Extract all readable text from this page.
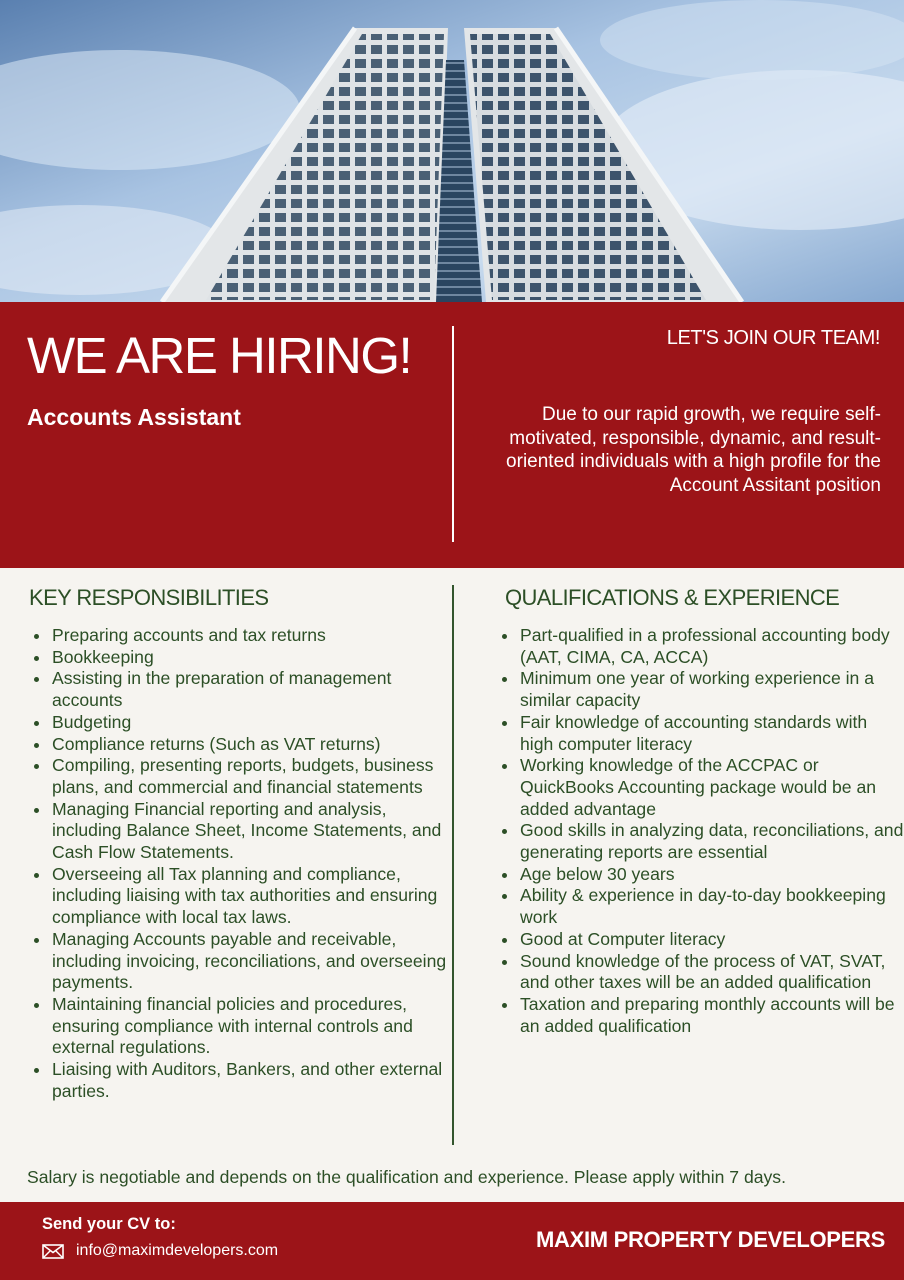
WE ARE HIRING!
Accounts Assistant

LET'S JOIN OUR TEAM!

Due to our rapid growth, we require self-motivated, responsible, dynamic, and result-oriented individuals with a high profile for the Account Assitant position

KEY RESPONSIBILITIES	QUALIFICATIONS & EXPERIENCE
• Preparing accounts and tax returns
• Bookkeeping
• Assisting in the preparation of management accounts
• Budgeting
• Compliance returns (Such as VAT returns)
• Compiling, presenting reports, budgets, business plans, and commercial and financial statements
• Managing Financial reporting and analysis, including Balance Sheet, Income Statements, and Cash Flow Statements.
• Overseeing all Tax planning and compliance, including liaising with tax authorities and ensuring compliance with local tax laws.
• Managing Accounts payable and receivable, including invoicing, reconciliations, and overseeing payments.
• Maintaining financial policies and procedures, ensuring compliance with internal controls and external regulations.
• Liaising with Auditors, Bankers, and other external parties.
• Part-qualified in a professional accounting body (AAT, CIMA, CA, ACCA)
• Minimum one year of working experience in a similar capacity
• Fair knowledge of accounting standards with high computer literacy
• Working knowledge of the ACCPAC or QuickBooks Accounting package would be an added advantage
• Good skills in analyzing data, reconciliations, and generating reports are essential
• Age below 30 years
• Ability & experience in day-to-day bookkeeping work
• Good at Computer literacy
• Sound knowledge of the process of VAT, SVAT, and other taxes will be an added qualification
• Taxation and preparing monthly accounts will be an added qualification

Salary is negotiable and depends on the qualification and experience. Please apply within 7 days.

Send your CV to:

info@maximdevelopers.com	MAXIM PROPERTY DEVELOPERS
